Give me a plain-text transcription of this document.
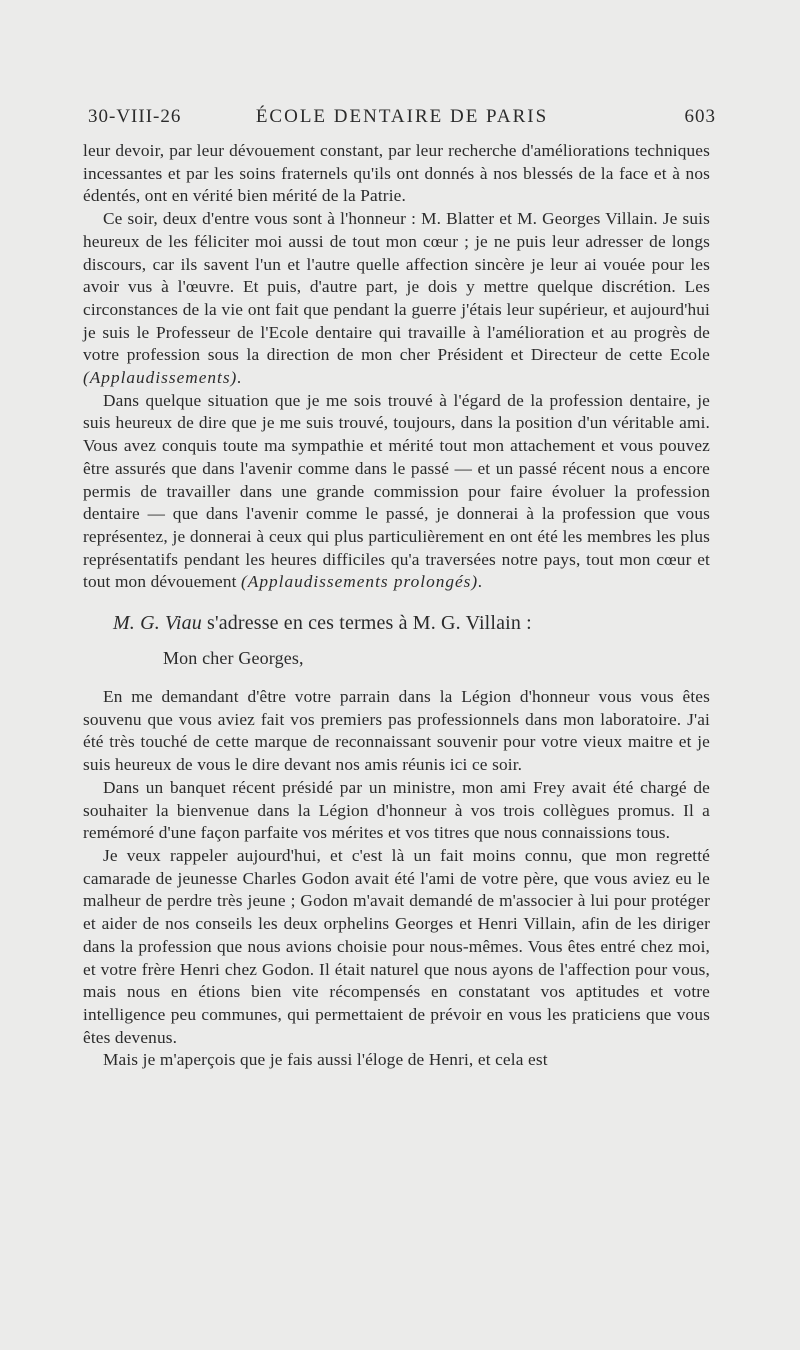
30-VIII-26	ÉCOLE DENTAIRE DE PARIS	603

leur devoir, par leur dévouement constant, par leur recherche d'améliorations techniques incessantes et par les soins fraternels qu'ils ont donnés à nos blessés de la face et à nos édentés, ont en vérité bien mérité de la Patrie.

Ce soir, deux d'entre vous sont à l'honneur : M. Blatter et M. Georges Villain. Je suis heureux de les féliciter moi aussi de tout mon cœur ; je ne puis leur adresser de longs discours, car ils savent l'un et l'autre quelle affection sincère je leur ai vouée pour les avoir vus à l'œuvre. Et puis, d'autre part, je dois y mettre quelque discrétion. Les circonstances de la vie ont fait que pendant la guerre j'étais leur supérieur, et aujourd'hui je suis le Professeur de l'Ecole dentaire qui travaille à l'amélioration et au progrès de votre profession sous la direction de mon cher Président et Directeur de cette Ecole (Applaudissements).

Dans quelque situation que je me sois trouvé à l'égard de la profession dentaire, je suis heureux de dire que je me suis trouvé, toujours, dans la position d'un véritable ami. Vous avez conquis toute ma sympathie et mérité tout mon attachement et vous pouvez être assurés que dans l'avenir comme dans le passé — et un passé récent nous a encore permis de travailler dans une grande commission pour faire évoluer la profession dentaire — que dans l'avenir comme le passé, je donnerai à la profession que vous représentez, je donnerai à ceux qui plus particulièrement en ont été les membres les plus représentatifs pendant les heures difficiles qu'a traversées notre pays, tout mon cœur et tout mon dévouement (Applaudissements prolongés).

M. G. Viau s'adresse en ces termes à M. G. Villain :

Mon cher Georges,

En me demandant d'être votre parrain dans la Légion d'honneur vous vous êtes souvenu que vous aviez fait vos premiers pas professionnels dans mon laboratoire. J'ai été très touché de cette marque de reconnaissant souvenir pour votre vieux maitre et je suis heureux de vous le dire devant nos amis réunis ici ce soir.

Dans un banquet récent présidé par un ministre, mon ami Frey avait été chargé de souhaiter la bienvenue dans la Légion d'honneur à vos trois collègues promus. Il a remémoré d'une façon parfaite vos mérites et vos titres que nous connaissions tous.

Je veux rappeler aujourd'hui, et c'est là un fait moins connu, que mon regretté camarade de jeunesse Charles Godon avait été l'ami de votre père, que vous aviez eu le malheur de perdre très jeune ; Godon m'avait demandé de m'associer à lui pour protéger et aider de nos conseils les deux orphelins Georges et Henri Villain, afin de les diriger dans la profession que nous avions choisie pour nous-mêmes. Vous êtes entré chez moi, et votre frère Henri chez Godon. Il était naturel que nous ayons de l'affection pour vous, mais nous en étions bien vite récompensés en constatant vos aptitudes et votre intelligence peu communes, qui permettaient de prévoir en vous les praticiens que vous êtes devenus.

Mais je m'aperçois que je fais aussi l'éloge de Henri, et cela est
